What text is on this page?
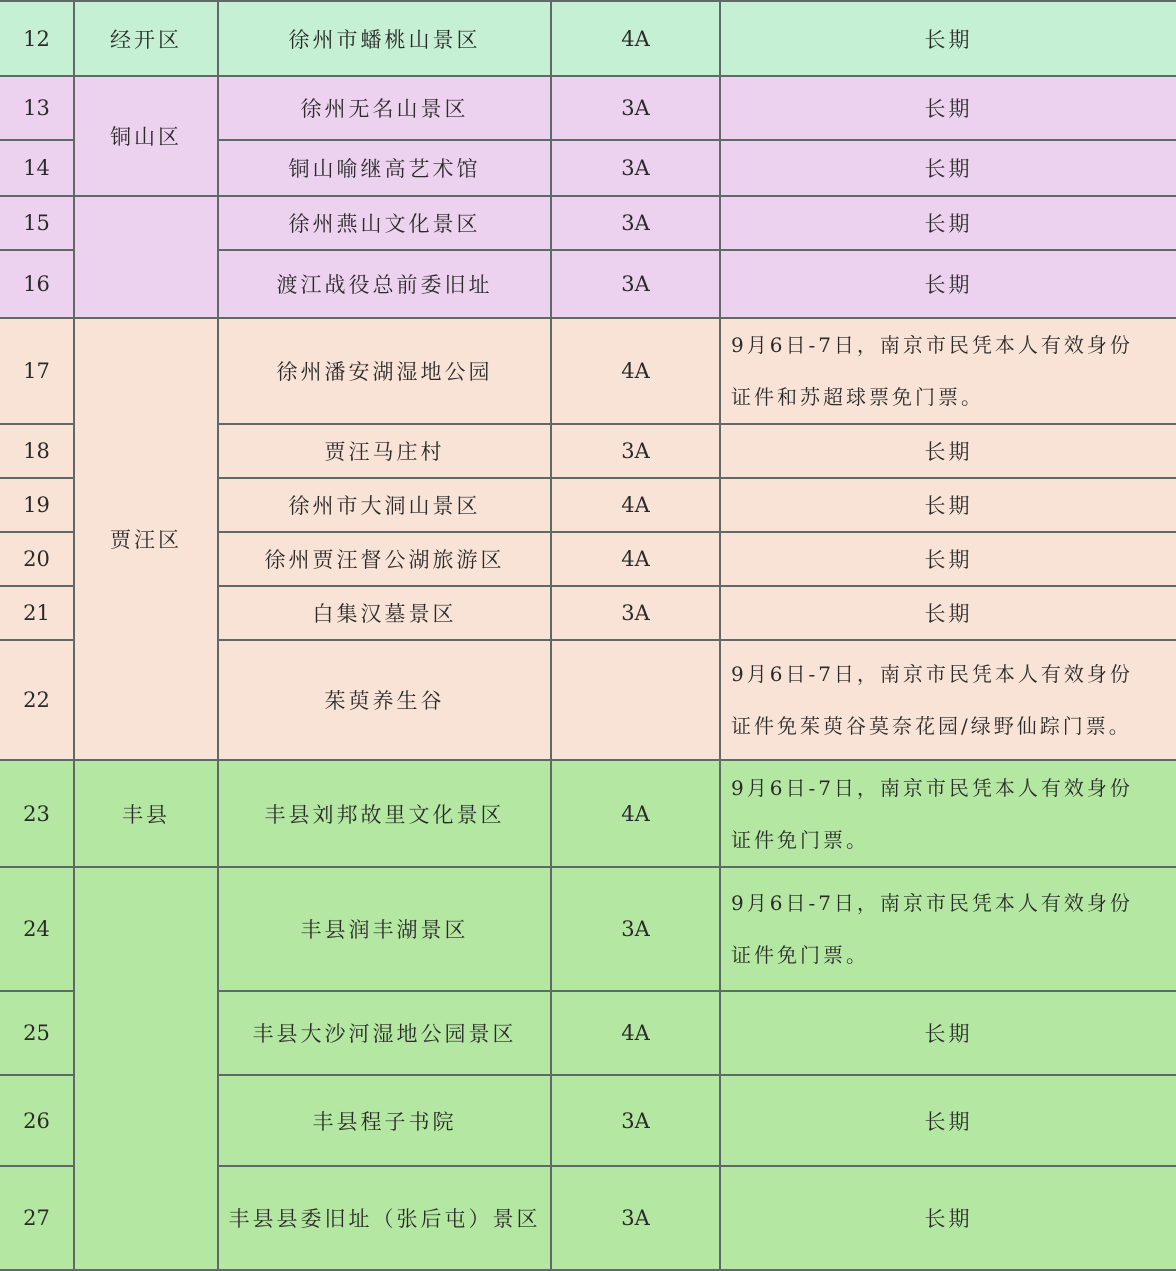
12	经开区	徐州市蟠桃山景区	4A	长期
13	铜山区	徐州无名山景区	3A	长期
14		铜山喻继高艺术馆	3A	长期
15		徐州燕山文化景区	3A	长期
16		渡江战役总前委旧址	3A	长期
17	贾汪区	徐州潘安湖湿地公园	4A	9月6日-7日，南京市民凭本人有效身份
证件和苏超球票免门票。

18		贾汪马庄村	3A	长期
19		徐州市大洞山景区	4A	长期
20		徐州贾汪督公湖旅游区	4A	长期
21		白集汉墓景区	3A	长期
22		茱萸养生谷		9月6日-7日，南京市民凭本人有效身份
证件免茱萸谷莫奈花园/绿野仙踪门票。

23	丰县	丰县刘邦故里文化景区	4A	9月6日-7日，南京市民凭本人有效身份
证件免门票。

24		丰县润丰湖景区	3A	9月6日-7日，南京市民凭本人有效身份
证件免门票。

25		丰县大沙河湿地公园景区	4A	长期
26		丰县程子书院	3A	长期
27		丰县县委旧址（张后屯）景区	3A	长期
